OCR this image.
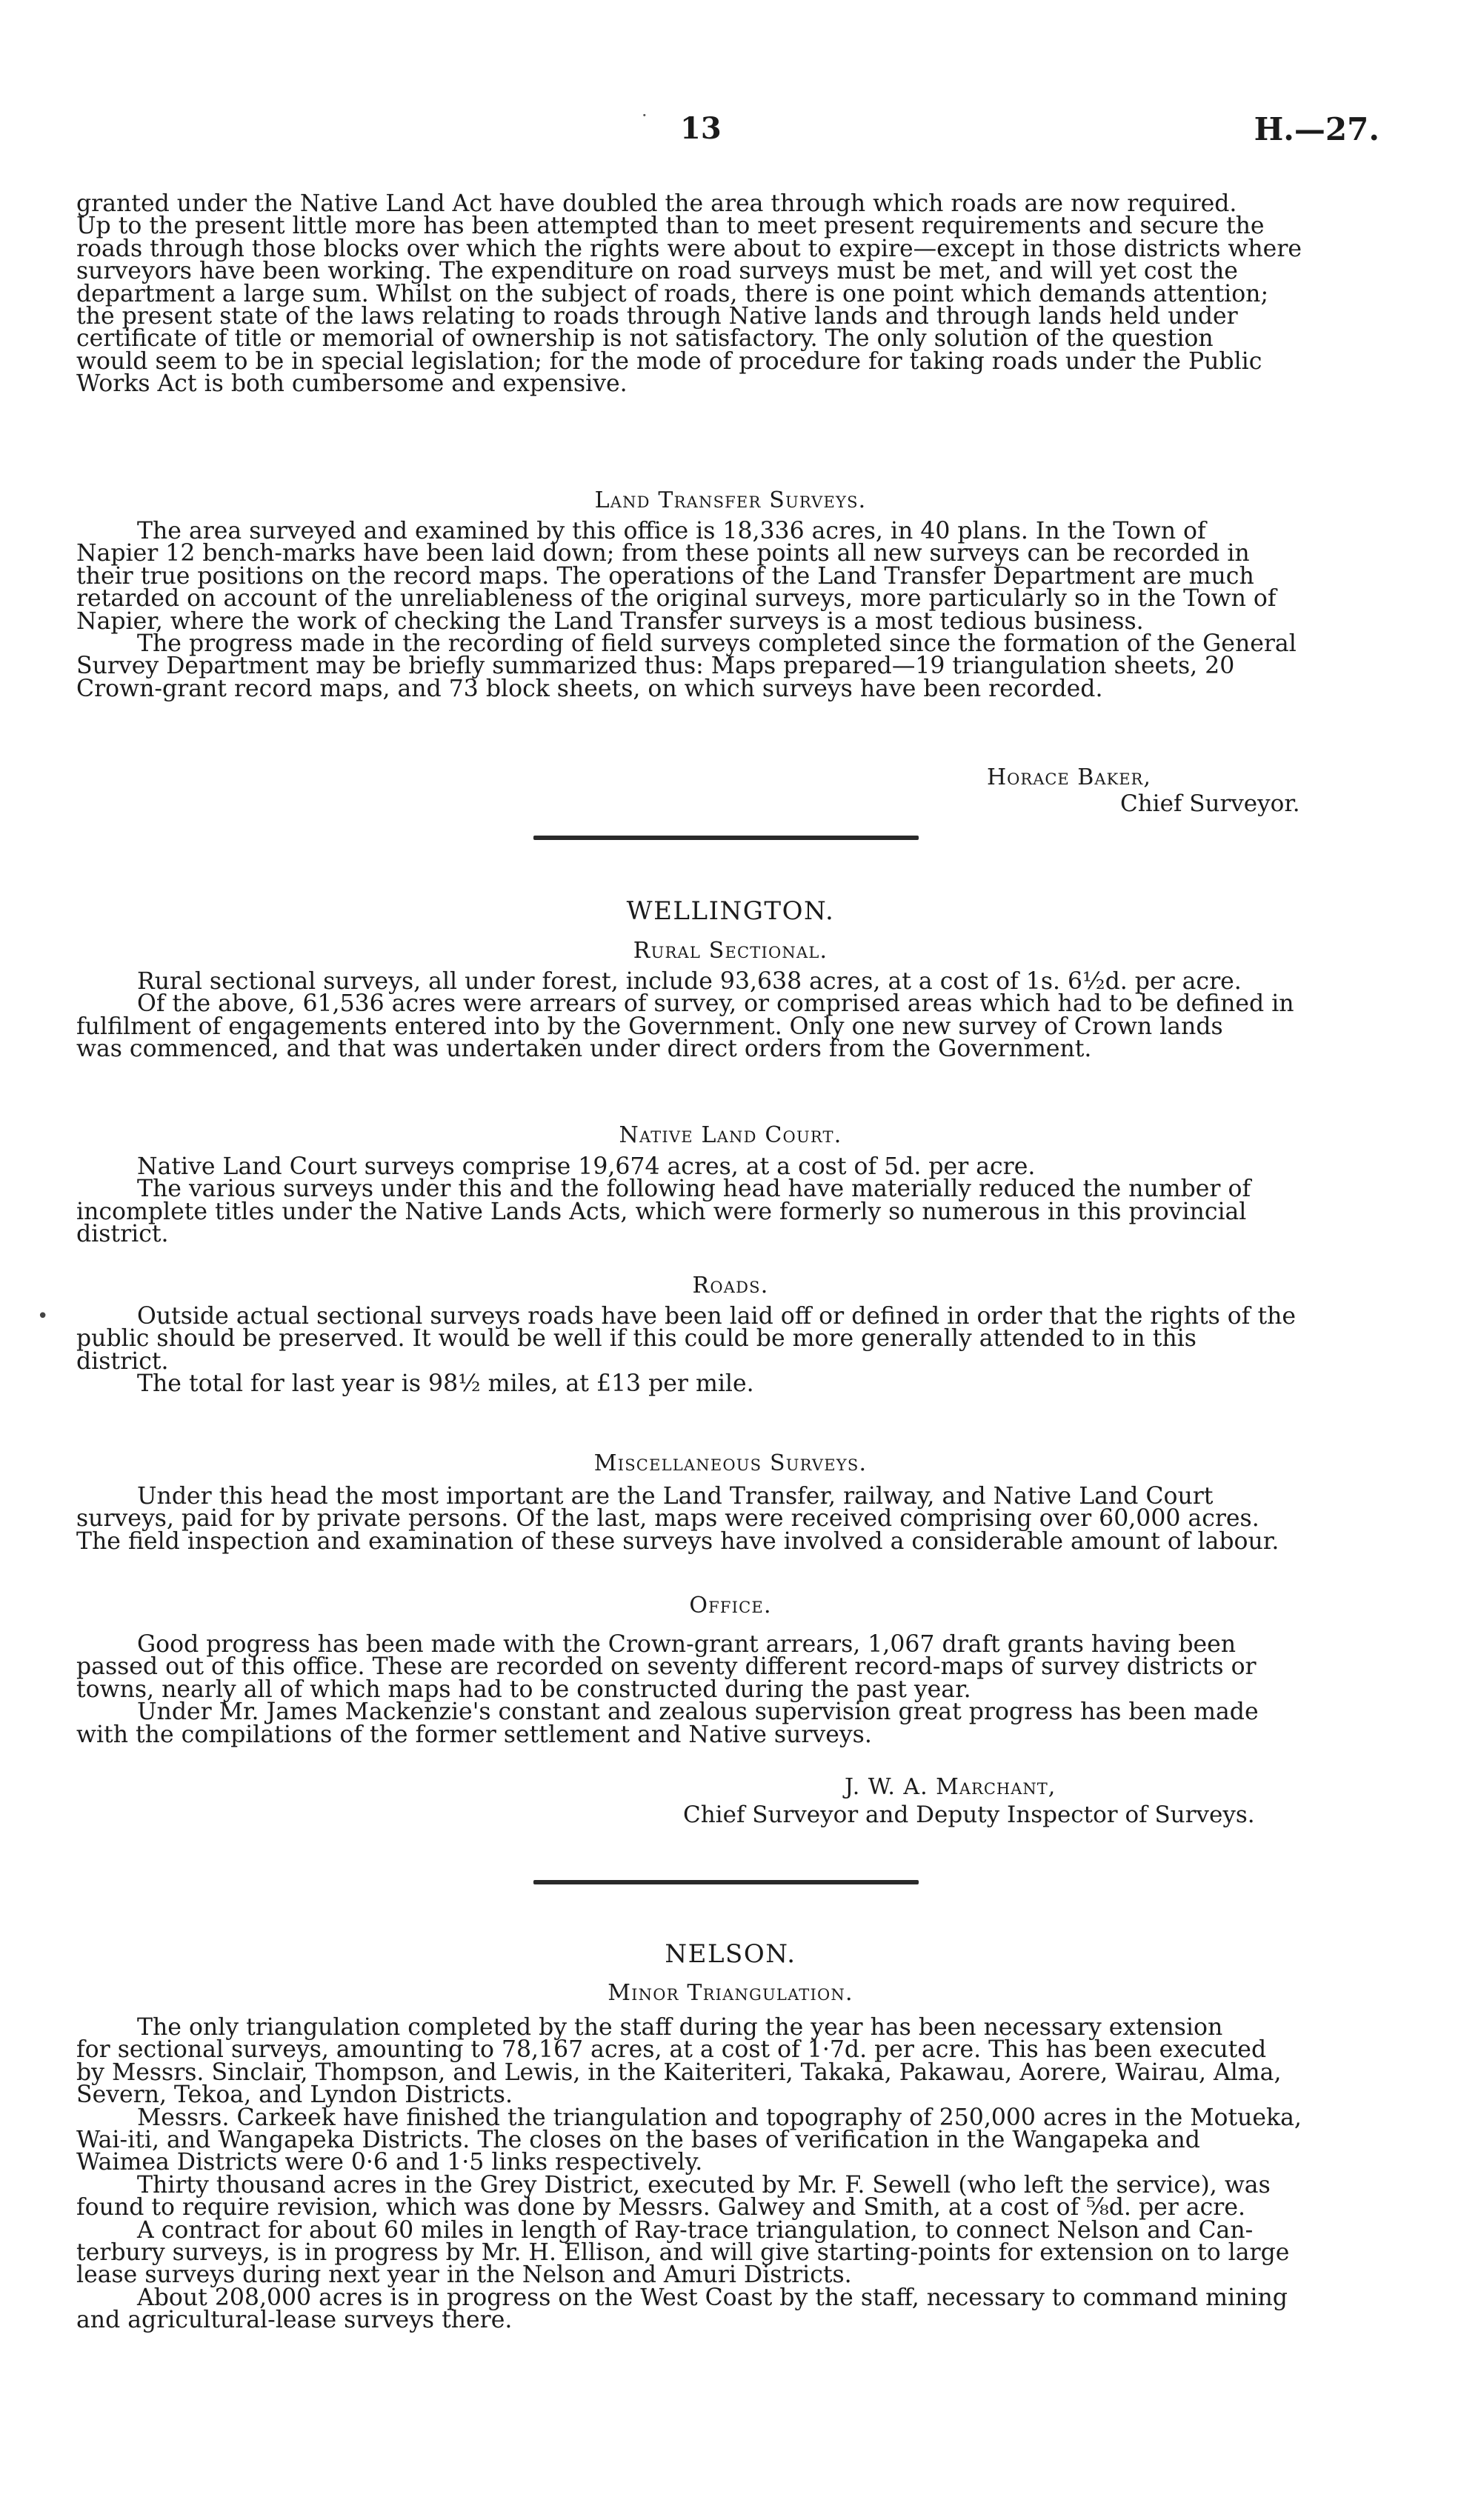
· 13	H.—27.
•

granted under the Native Land Act have doubled the area through which roads are now required.
Up to the present little more has been attempted than to meet present requirements and secure the
roads through those blocks over which the rights were about to expire—except in those districts where
surveyors have been working. The expenditure on road surveys must be met, and will yet cost the
department a large sum. Whilst on the subject of roads, there is one point which demands attention;
the present state of the laws relating to roads through Native lands and through lands held under
certificate of title or memorial of ownership is not satisfactory. The only solution of the question
would seem to be in special legislation; for the mode of procedure for taking roads under the Public
Works Act is both cumbersome and expensive.

Land Transfer Surveys.

The area surveyed and examined by this office is 18,336 acres, in 40 plans. In the Town of
Napier 12 bench-marks have been laid down; from these points all new surveys can be recorded in
their true positions on the record maps. The operations of the Land Transfer Department are much
retarded on account of the unreliableness of the original surveys, more particularly so in the Town of
Napier, where the work of checking the Land Transfer surveys is a most tedious business.

The progress made in the recording of field surveys completed since the formation of the General
Survey Department may be briefly summarized thus: Maps prepared—19 triangulation sheets, 20
Crown-grant record maps, and 73 block sheets, on which surveys have been recorded.

Horace Baker,
Chief Surveyor.
WELLINGTON.
Rural Sectional.

Rural sectional surveys, all under forest, include 93,638 acres, at a cost of 1s. 6½d. per acre.

Of the above, 61,536 acres were arrears of survey, or comprised areas which had to be defined in
fulfilment of engagements entered into by the Government. Only one new survey of Crown lands
was commenced, and that was undertaken under direct orders from the Government.

Native Land Court.

Native Land Court surveys comprise 19,674 acres, at a cost of 5d. per acre.

The various surveys under this and the following head have materially reduced the number of
incomplete titles under the Native Lands Acts, which were formerly so numerous in this provincial
district.

Roads.

Outside actual sectional surveys roads have been laid off or defined in order that the rights of the
public should be preserved. It would be well if this could be more generally attended to in this
district.

The total for last year is 98½ miles, at £13 per mile.

Miscellaneous Surveys.

Under this head the most important are the Land Transfer, railway, and Native Land Court
surveys, paid for by private persons. Of the last, maps were received comprising over 60,000 acres.
The field inspection and examination of these surveys have involved a considerable amount of labour.

Office.

Good progress has been made with the Crown-grant arrears, 1,067 draft grants having been
passed out of this office. These are recorded on seventy different record-maps of survey districts or
towns, nearly all of which maps had to be constructed during the past year.

Under Mr. James Mackenzie's constant and zealous supervision great progress has been made
with the compilations of the former settlement and Native surveys.

J. W. A. Marchant,
Chief Surveyor and Deputy Inspector of Surveys.
NELSON.
Minor Triangulation.

The only triangulation completed by the staff during the year has been necessary extension
for sectional surveys, amounting to 78,167 acres, at a cost of 1·7d. per acre. This has been executed
by Messrs. Sinclair, Thompson, and Lewis, in the Kaiteriteri, Takaka, Pakawau, Aorere, Wairau, Alma,
Severn, Tekoa, and Lyndon Districts.

Messrs. Carkeek have finished the triangulation and topography of 250,000 acres in the Motueka,
Wai-iti, and Wangapeka Districts. The closes on the bases of verification in the Wangapeka and
Waimea Districts were 0·6 and 1·5 links respectively.

Thirty thousand acres in the Grey District, executed by Mr. F. Sewell (who left the service), was
found to require revision, which was done by Messrs. Galwey and Smith, at a cost of ⅝d. per acre.

A contract for about 60 miles in length of Ray-trace triangulation, to connect Nelson and Can-
terbury surveys, is in progress by Mr. H. Ellison, and will give starting-points for extension on to large
lease surveys during next year in the Nelson and Amuri Districts.

About 208,000 acres is in progress on the West Coast by the staff, necessary to command mining
and agricultural-lease surveys there.
